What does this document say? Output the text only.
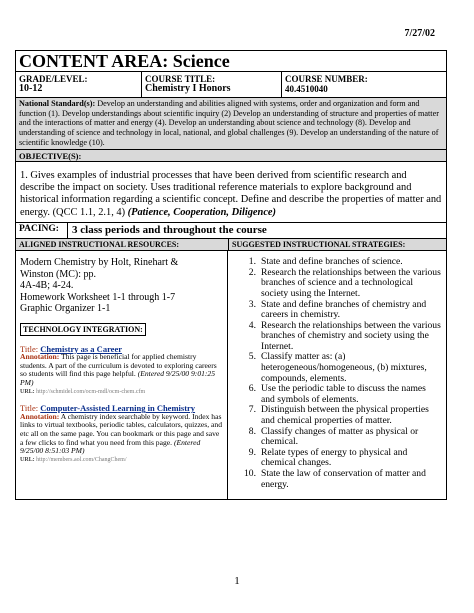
7/27/02
CONTENT AREA: Science
GRADE/LEVEL:
10-12
COURSE TITLE:
Chemistry I Honors
COURSE NUMBER:
40.4510040
National Standard(s): Develop an understanding and abilities aligned with systems, order and organization and form and function (1). Develop understandings about scientific inquiry (2) Develop an understanding of structure and properties of matter and the interactions of matter and energy (4). Develop an understanding about science and technology (8). Develop and understanding of science and technology in local, national, and global challenges (9). Develop an understanding of the nature of scientific knowledge (10).
OBJECTIVE(S):
1. Gives examples of industrial processes that have been derived from scientific research and describe the impact on society. Uses traditional reference materials to explore background and historical information regarding a scientific concept. Define and describe the properties of matter and energy. (QCC 1.1, 2.1, 4) (Patience, Cooperation, Diligence)
PACING:	3 class periods and throughout the course
ALIGNED INSTRUCTIONAL RESOURCES:	SUGGESTED INSTRUCTIONAL STRATEGIES:
Modern Chemistry by Holt, Rinehart &
Winston (MC): pp.
4A-4B; 4-24.
Homework Worksheet 1-1 through 1-7
Graphic Organizer 1-1
TECHNOLOGY INTEGRATION:
Title: Chemistry as a Career
Annotation: This page is beneficial for applied chemistry students. A part of the curriculum is devoted to exploring careers so students will find this page helpful. (Entered 9/25/00 9:01:25 PM)
URL: http://schmidel.com/ocm-mdl/ocm-chem.cfm
Title: Computer-Assisted Learning in Chemistry
Annotation: A chemistry index searchable by keyword. Index has links to virtual textbooks, periodic tables, calculators, quizzes, and etc all on the same page. You can bookmark or this page and save a few clicks to find what you need from this page. (Entered 9/25/00 8:51:03 PM)
URL: http://members.aol.com/ChangChem/
1. State and define branches of science.
2. Research the relationships between the various branches of science and a technological society using the Internet.
3. State and define branches of chemistry and careers in chemistry.
4. Research the relationships between the various branches of chemistry and society using the Internet.
5. Classify matter as: (a) heterogeneous/homogeneous, (b) mixtures, compounds, elements.
6. Use the periodic table to discuss the names and symbols of elements.
7. Distinguish between the physical properties and chemical properties of matter.
8. Classify changes of matter as physical or chemical.
9. Relate types of energy to physical and chemical changes.
10. State the law of conservation of matter and energy.
1
